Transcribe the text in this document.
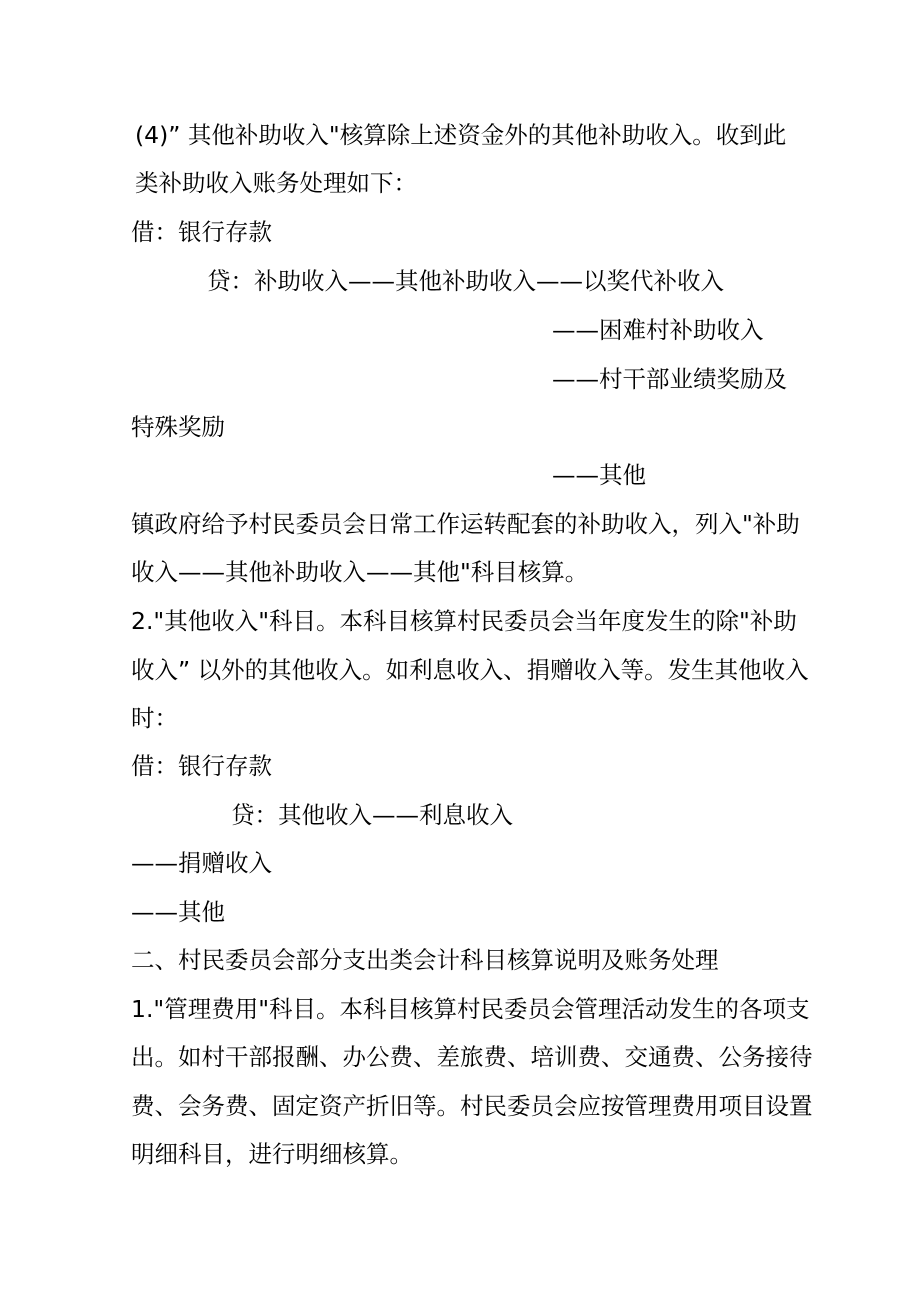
(4)” 其他补助收入"核算除上述资金外的其他补助收入。收到此
类补助收入账务处理如下：
借：银行存款
贷：补助收入——其他补助收入——以奖代补收入
——困难村补助收入
——村干部业绩奖励及
特殊奖励
——其他
镇政府给予村民委员会日常工作运转配套的补助收入，列入"补助
收入——其他补助收入——其他"科目核算。
2."其他收入"科目。本科目核算村民委员会当年度发生的除"补助
收入” 以外的其他收入。如利息收入、捐赠收入等。发生其他收入
时：
借：银行存款
贷：其他收入——利息收入
——捐赠收入
——其他
二、村民委员会部分支出类会计科目核算说明及账务处理
1."管理费用"科目。本科目核算村民委员会管理活动发生的各项支
出。如村干部报酬、办公费、差旅费、培训费、交通费、公务接待
费、会务费、固定资产折旧等。村民委员会应按管理费用项目设置
明细科目，进行明细核算。
